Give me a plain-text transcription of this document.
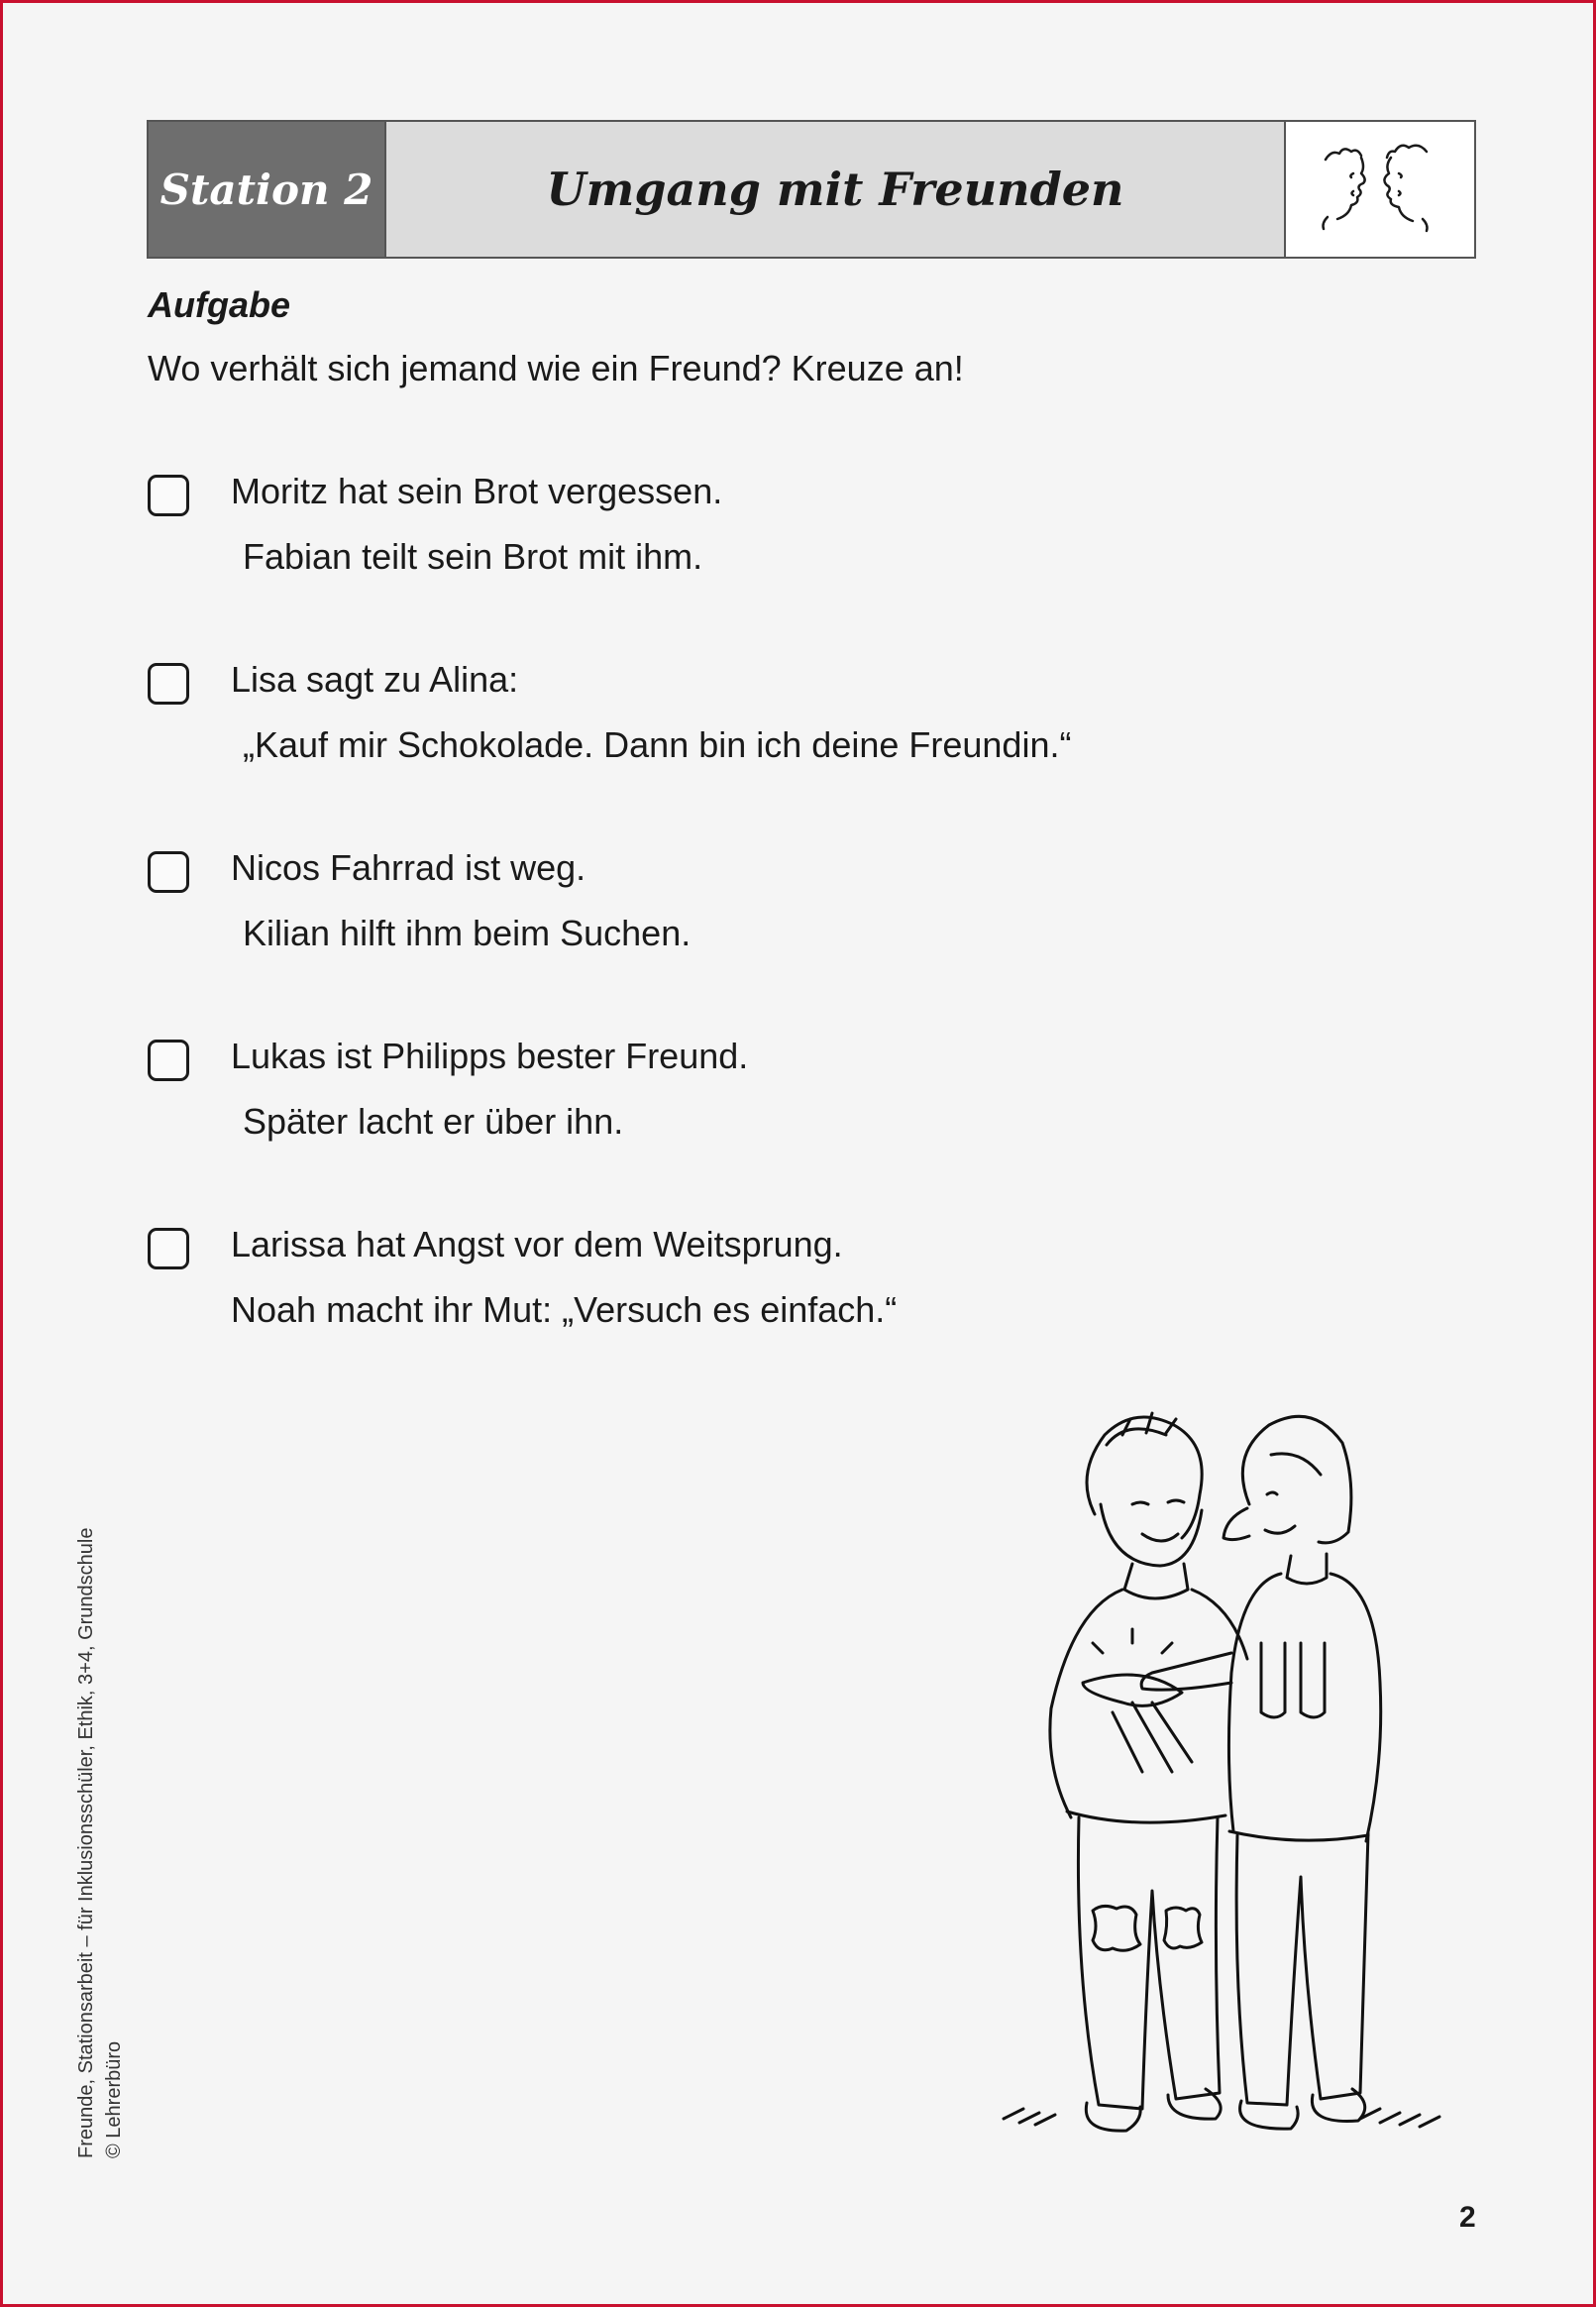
Station 2	Umgang mit Freunden
Aufgabe
Wo verhält sich jemand wie ein Freund? Kreuze an!
Moritz hat sein Brot vergessen.
Fabian teilt sein Brot mit ihm.
Lisa sagt zu Alina:
„Kauf mir Schokolade. Dann bin ich deine Freundin.“
Nicos Fahrrad ist weg.
Kilian hilft ihm beim Suchen.
Lukas ist Philipps bester Freund.
Später lacht er über ihn.
Larissa hat Angst vor dem Weitsprung.
Noah macht ihr Mut: „Versuch es einfach.“
Freunde, Stationsarbeit – für Inklusionsschüler, Ethik, 3+4, Grundschule © Lehrerbüro
2
